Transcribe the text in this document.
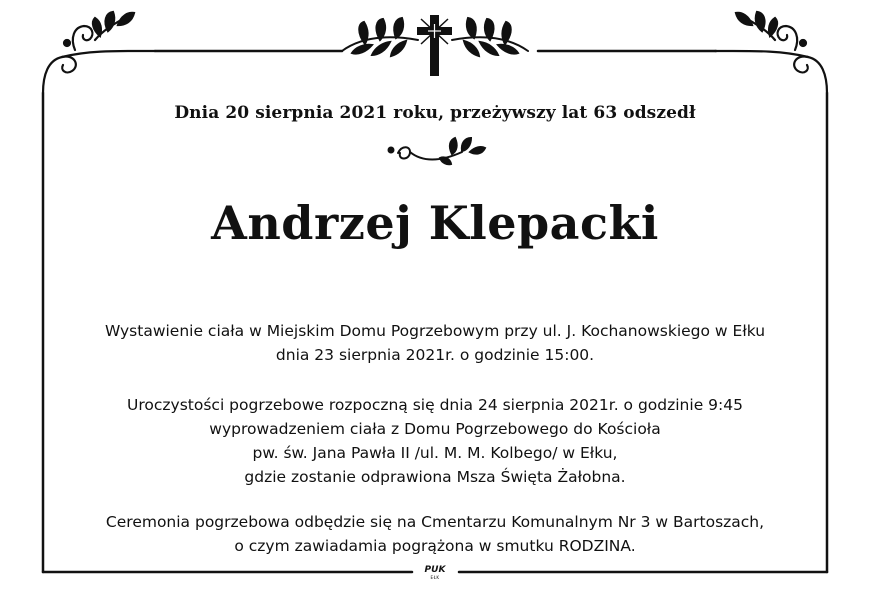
Dnia 20 sierpnia 2021 roku, przeżywszy lat 63 odszedł

Andrzej Klepacki
Wystawienie ciała w Miejskim Domu Pogrzebowym przy ul. J. Kochanowskiego w Ełku
dnia 23 sierpnia 2021r. o godzinie 15:00.
Uroczystości pogrzebowe rozpoczną się dnia 24 sierpnia 2021r. o godzinie 9:45
wyprowadzeniem ciała z Domu Pogrzebowego do Kościoła
pw. św. Jana Pawła II /ul. M. M. Kolbego/ w Ełku,
gdzie zostanie odprawiona Msza Święta Żałobna.
Ceremonia pogrzebowa odbędzie się na Cmentarzu Komunalnym Nr 3 w Bartoszach,
o czym zawiadamia pogrążona w smutku RODZINA.
PUK
EŁK
